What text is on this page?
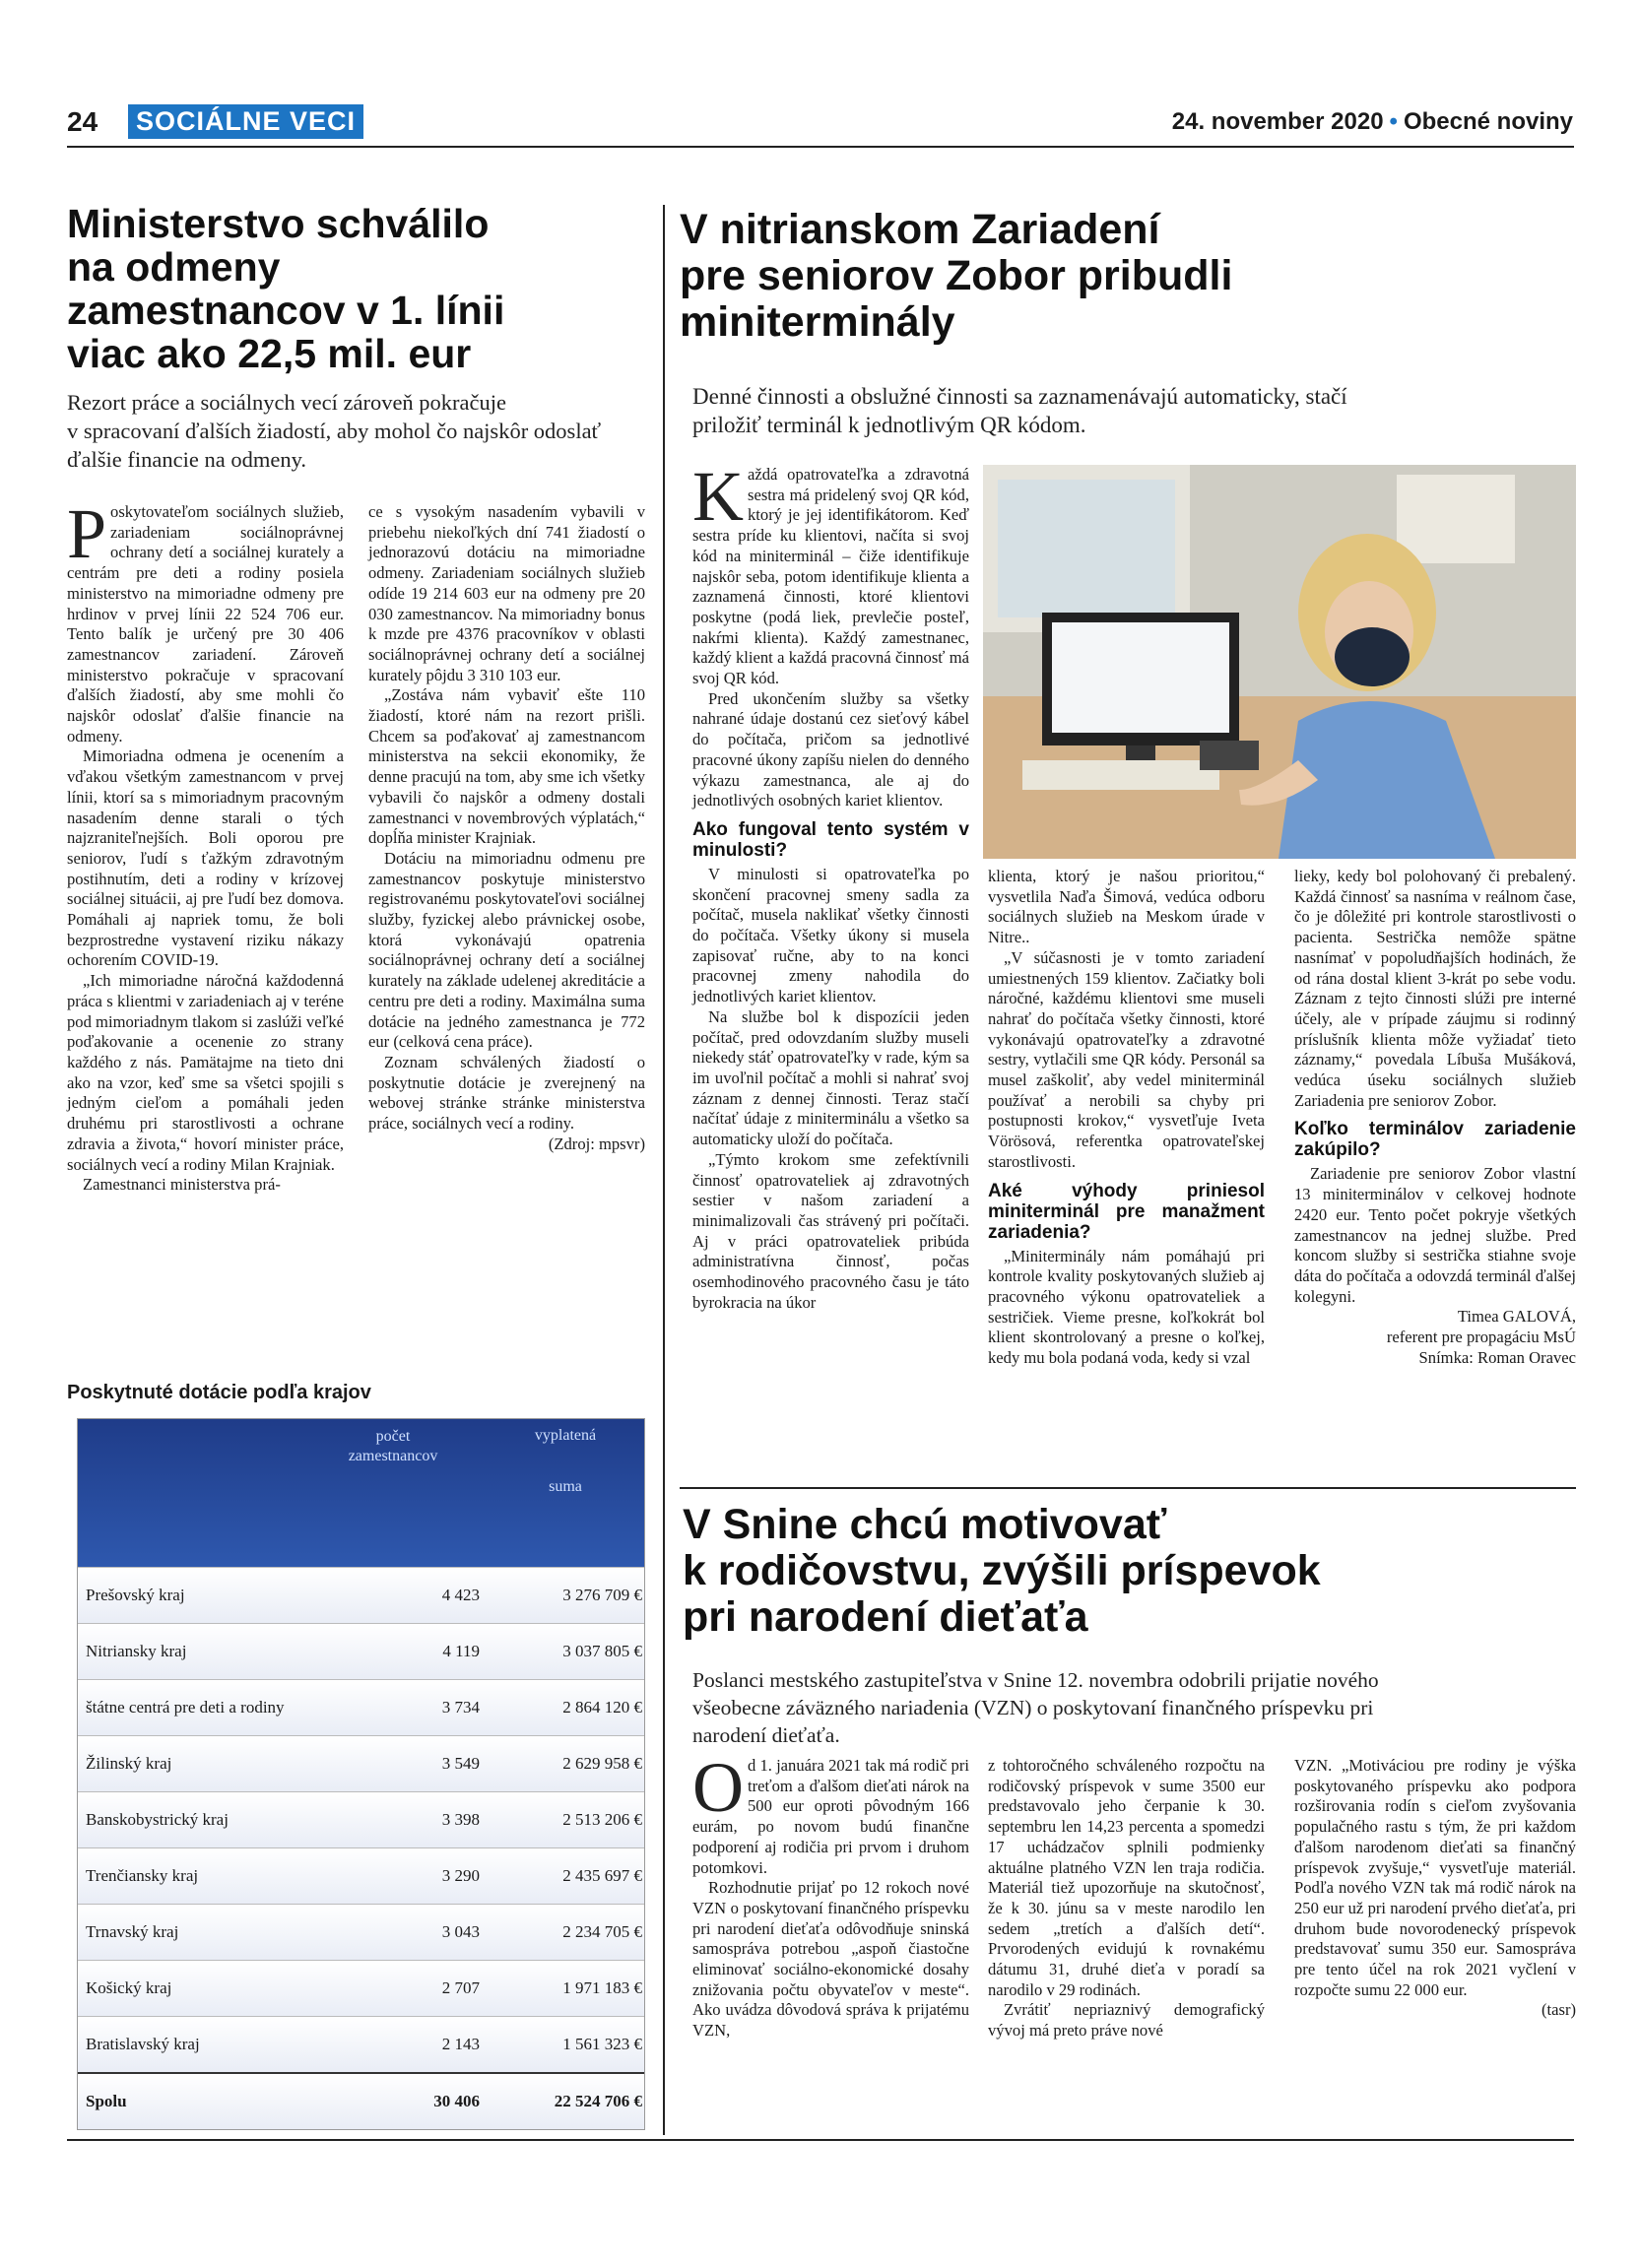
24 SOCIÁLNE VECI	24. november 2020 • Obecné noviny
Ministerstvo schválilo
na odmeny
zamestnancov v 1. línii
viac ako 22,5 mil. eur
Rezort práce a sociálnych vecí zároveň pokračuje
v spracovaní ďalších žiadostí, aby mohol čo najskôr odoslať
ďalšie financie na odmeny.

Poskytovateľom sociálnych služieb, zariadeniam sociálnoprávnej ochrany detí a sociálnej kurately a centrám pre deti a rodiny posiela ministerstvo na mimoriadne odmeny pre hrdinov v prvej línii 22 524 706 eur. Tento balík je určený pre 30 406 zamestnancov zariadení. Zároveň ministerstvo pokračuje v spracovaní ďalších žiadostí, aby sme mohli čo najskôr odoslať ďalšie financie na odmeny.

Mimoriadna odmena je ocenením a vďakou všetkým zamestnancom v prvej línii, ktorí sa s mimoriadnym pracovným nasadením denne starali o tých najzraniteľnejších. Boli oporou pre seniorov, ľudí s ťažkým zdravotným postihnutím, deti a rodiny v krízovej sociálnej situácii, aj pre ľudí bez domova. Pomáhali aj napriek tomu, že boli bezprostredne vystavení riziku nákazy ochorením COVID-19.

„Ich mimoriadne náročná každodenná práca s klientmi v zariadeniach aj v teréne pod mimoriadnym tlakom si zaslúži veľké poďakovanie a ocenenie zo strany každého z nás. Pamätajme na tieto dni ako na vzor, keď sme sa všetci spojili s jedným cieľom a pomáhali jeden druhému pri starostlivosti a ochrane zdravia a života,“ hovorí minister práce, sociálnych vecí a rodiny Milan Krajniak.

Zamestnanci ministerstva prá-

ce s vysokým nasadením vybavili v priebehu niekoľkých dní 741 žiadostí o jednorazovú dotáciu na mimoriadne odmeny. Zariadeniam sociálnych služieb odíde 19 214 603 eur na odmeny pre 20 030 zamestnancov. Na mimoriadny bonus k mzde pre 4376 pracovníkov v oblasti sociálnoprávnej ochrany detí a sociálnej kurately pôjdu 3 310 103 eur.

„Zostáva nám vybaviť ešte 110 žiadostí, ktoré nám na rezort prišli. Chcem sa poďakovať aj zamestnancom ministerstva na sekcii ekonomiky, že denne pracujú na tom, aby sme ich všetky vybavili čo najskôr a odmeny dostali zamestnanci v novembrových výplatách,“ dopĺňa minister Krajniak.

Dotáciu na mimoriadnu odmenu pre zamestnancov poskytuje ministerstvo registrovanému poskytovateľovi sociálnej služby, fyzickej alebo právnickej osobe, ktorá vykonávajú opatrenia sociálnoprávnej ochrany detí a sociálnej kurately na základe udelenej akreditácie a centru pre deti a rodiny. Maximálna suma dotácie na jedného zamestnanca je 772 eur (celková cena práce).

Zoznam schválených žiadostí o poskytnutie dotácie je zverejnený na webovej stránke stránke ministerstva práce, sociálnych vecí a rodiny.

(Zdroj: mpsvr)

Poskytnuté dotácie podľa krajov
počet zamestnancov
vyplatená
suma
Prešovský kraj	4 423	3 276 709 €
Nitriansky kraj	4 119	3 037 805 €
štátne centrá pre deti a rodiny	3 734	2 864 120 €
Žilinský kraj	3 549	2 629 958 €
Banskobystrický kraj	3 398	2 513 206 €
Trenčiansky kraj	3 290	2 435 697 €
Trnavský kraj	3 043	2 234 705 €
Košický kraj	2 707	1 971 183 €
Bratislavský kraj	2 143	1 561 323 €
Spolu	30 406	22 524 706 €
V nitrianskom Zariadení
pre seniorov Zobor pribudli
miniterminály
Denné činnosti a obslužné činnosti sa zaznamenávajú automaticky, stačí
priložiť terminál k jednotlivým QR kódom.

Každá opatrovateľka a zdravotná sestra má pridelený svoj QR kód, ktorý je jej identifikátorom. Keď sestra príde ku klientovi, načíta si svoj kód na miniterminál – čiže identifikuje najskôr seba, potom identifikuje klienta a zaznamená činnosti, ktoré klientovi poskytne (podá liek, prevlečie posteľ, nakŕmi klienta). Každý zamestnanec, každý klient a každá pracovná činnosť má svoj QR kód.

Pred ukončením služby sa všetky nahrané údaje dostanú cez sieťový kábel do počítača, pričom sa jednotlivé pracovné úkony zapíšu nielen do denného výkazu zamestnanca, ale aj do jednotlivých osobných kariet klientov.

Ako fungoval tento systém v minulosti?

V minulosti si opatrovateľka po skončení pracovnej smeny sadla za počítač, musela naklikať všetky činnosti do počítača. Všetky úkony si musela zapisovať ručne, aby to na konci pracovnej zmeny nahodila do jednotlivých kariet klientov.

Na službe bol k dispozícii jeden počítač, pred odovzdaním služby museli niekedy stáť opatrovateľky v rade, kým sa im uvoľnil počítač a mohli si nahrať svoj záznam z dennej činnosti. Teraz stačí načítať údaje z miniterminálu a všetko sa automaticky uloží do počítača.

„Týmto krokom sme zefektívnili činnosť opatrovateliek aj zdravotných sestier v našom zariadení a minimalizovali čas strávený pri počítači. Aj v práci opatrovateliek pribúda administratívna činnosť, počas osemhodinového pracovného času je táto byrokracia na úkor

klienta, ktorý je našou prioritou,“ vysvetlila Naďa Šimová, vedúca odboru sociálnych služieb na Meskom úrade v Nitre..

„V súčasnosti je v tomto zariadení umiestnených 159 klientov. Začiatky boli náročné, každému klientovi sme museli nahrať do počítača všetky činnosti, ktoré vykonávajú opatrovateľky a zdravotné sestry, vytlačili sme QR kódy. Personál sa musel zaškoliť, aby vedel miniterminál používať a nerobili sa chyby pri postupnosti krokov,“ vysvetľuje Iveta Vörösová, referentka opatrovateľskej starostlivosti.

Aké výhody priniesol miniterminál pre manažment zariadenia?

„Miniterminály nám pomáhajú pri kontrole kvality poskytovaných služieb aj pracovného výkonu opatrovateliek a sestričiek. Vieme presne, koľkokrát bol klient skontrolovaný a presne o koľkej, kedy mu bola podaná voda, kedy si vzal

lieky, kedy bol polohovaný či prebalený. Každá činnosť sa nasníma v reálnom čase, čo je dôležité pri kontrole starostlivosti o pacienta. Sestrička nemôže spätne nasnímať v popoludňajších hodinách, že od rána dostal klient 3-krát po sebe vodu. Záznam z tejto činnosti slúži pre interné účely, ale v prípade záujmu si rodinný príslušník klienta môže vyžiadať tieto záznamy,“ povedala Líbuša Mušáková, vedúca úseku sociálnych služieb Zariadenia pre seniorov Zobor.

Koľko terminálov zariadenie zakúpilo?

Zariadenie pre seniorov Zobor vlastní 13 miniterminálov v celkovej hodnote 2420 eur. Tento počet pokryje všetkých zamestnancov na jednej službe. Pred koncom služby si sestrička stiahne svoje dáta do počítača a odovzdá terminál ďalšej kolegyni.

Timea GALOVÁ,
referent pre propagáciu MsÚ
Snímka: Roman Oravec
V Snine chcú motivovať
k rodičovstvu, zvýšili príspevok
pri narodení dieťaťa
Poslanci mestského zastupiteľstva v Snine 12. novembra odobrili prijatie nového
všeobecne záväzného nariadenia (VZN) o poskytovaní finančného príspevku pri
narodení dieťaťa.

Od 1. januára 2021 tak má rodič pri treťom a ďalšom dieťati nárok na 500 eur oproti pôvodným 166 eurám, po novom budú finančne podporení aj rodičia pri prvom i druhom potomkovi.

Rozhodnutie prijať po 12 rokoch nové VZN o poskytovaní finančného príspevku pri narodení dieťaťa odôvodňuje sninská samospráva potrebou „aspoň čiastočne eliminovať sociálno-ekonomické dosahy znižovania počtu obyvateľov v meste“. Ako uvádza dôvodová správa k prijatému VZN,

z tohtoročného schváleného rozpočtu na rodičovský príspevok v sume 3500 eur predstavovalo jeho čerpanie k 30. septembru len 14,23 percenta a spomedzi 17 uchádzačov splnili podmienky aktuálne platného VZN len traja rodičia. Materiál tiež upozorňuje na skutočnosť, že k 30. júnu sa v meste narodilo len sedem „tretích a ďalších detí“. Prvorodených evidujú k rovnakému dátumu 31, druhé dieťa v poradí sa narodilo v 29 rodinách.

Zvrátiť nepriaznivý demografický vývoj má preto práve nové

VZN. „Motiváciou pre rodiny je výška poskytovaného príspevku ako podpora rozširovania rodín s cieľom zvyšovania populačného rastu s tým, že pri každom ďalšom narodenom dieťati sa finančný príspevok zvyšuje,“ vysvetľuje materiál. Podľa nového VZN tak má rodič nárok na 250 eur už pri narodení prvého dieťaťa, pri druhom bude novorodenecký príspevok predstavovať sumu 350 eur. Samospráva pre tento účel na rok 2021 vyčlení v rozpočte sumu 22 000 eur.

(tasr)
